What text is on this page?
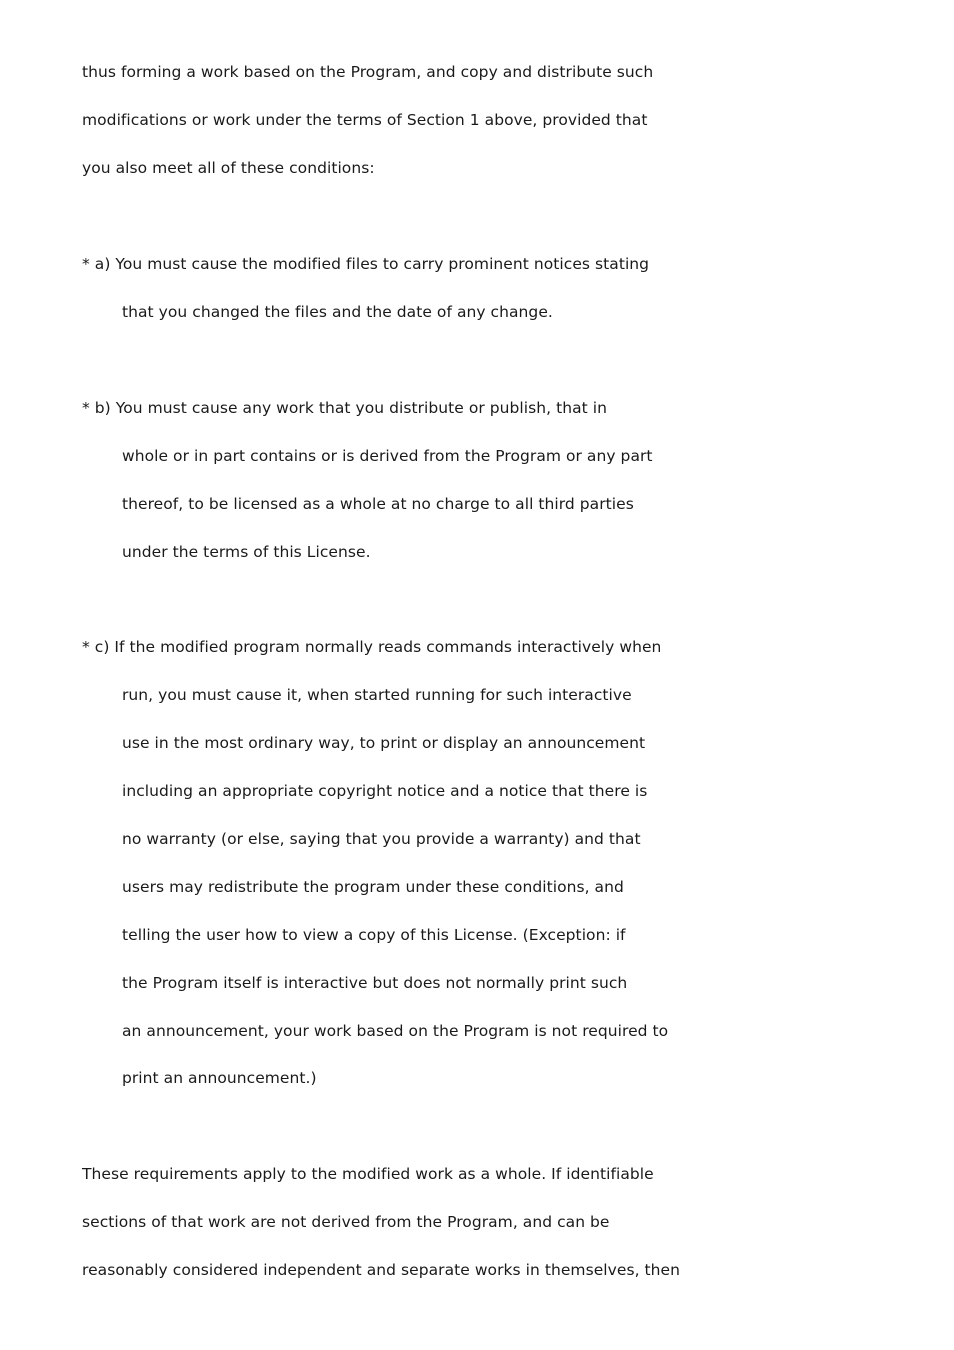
thus forming a work based on the Program, and copy and distribute such
modifications or work under the terms of Section 1 above, provided that
you also meet all of these conditions:
* a) You must cause the modified files to carry prominent notices stating
that you changed the files and the date of any change.
* b) You must cause any work that you distribute or publish, that in
whole or in part contains or is derived from the Program or any part
thereof, to be licensed as a whole at no charge to all third parties
under the terms of this License.
* c) If the modified program normally reads commands interactively when
run, you must cause it, when started running for such interactive
use in the most ordinary way, to print or display an announcement
including an appropriate copyright notice and a notice that there is
no warranty (or else, saying that you provide a warranty) and that
users may redistribute the program under these conditions, and
telling the user how to view a copy of this License. (Exception: if
the Program itself is interactive but does not normally print such
an announcement, your work based on the Program is not required to
print an announcement.)
These requirements apply to the modified work as a whole. If identifiable
sections of that work are not derived from the Program, and can be
reasonably considered independent and separate works in themselves, then
